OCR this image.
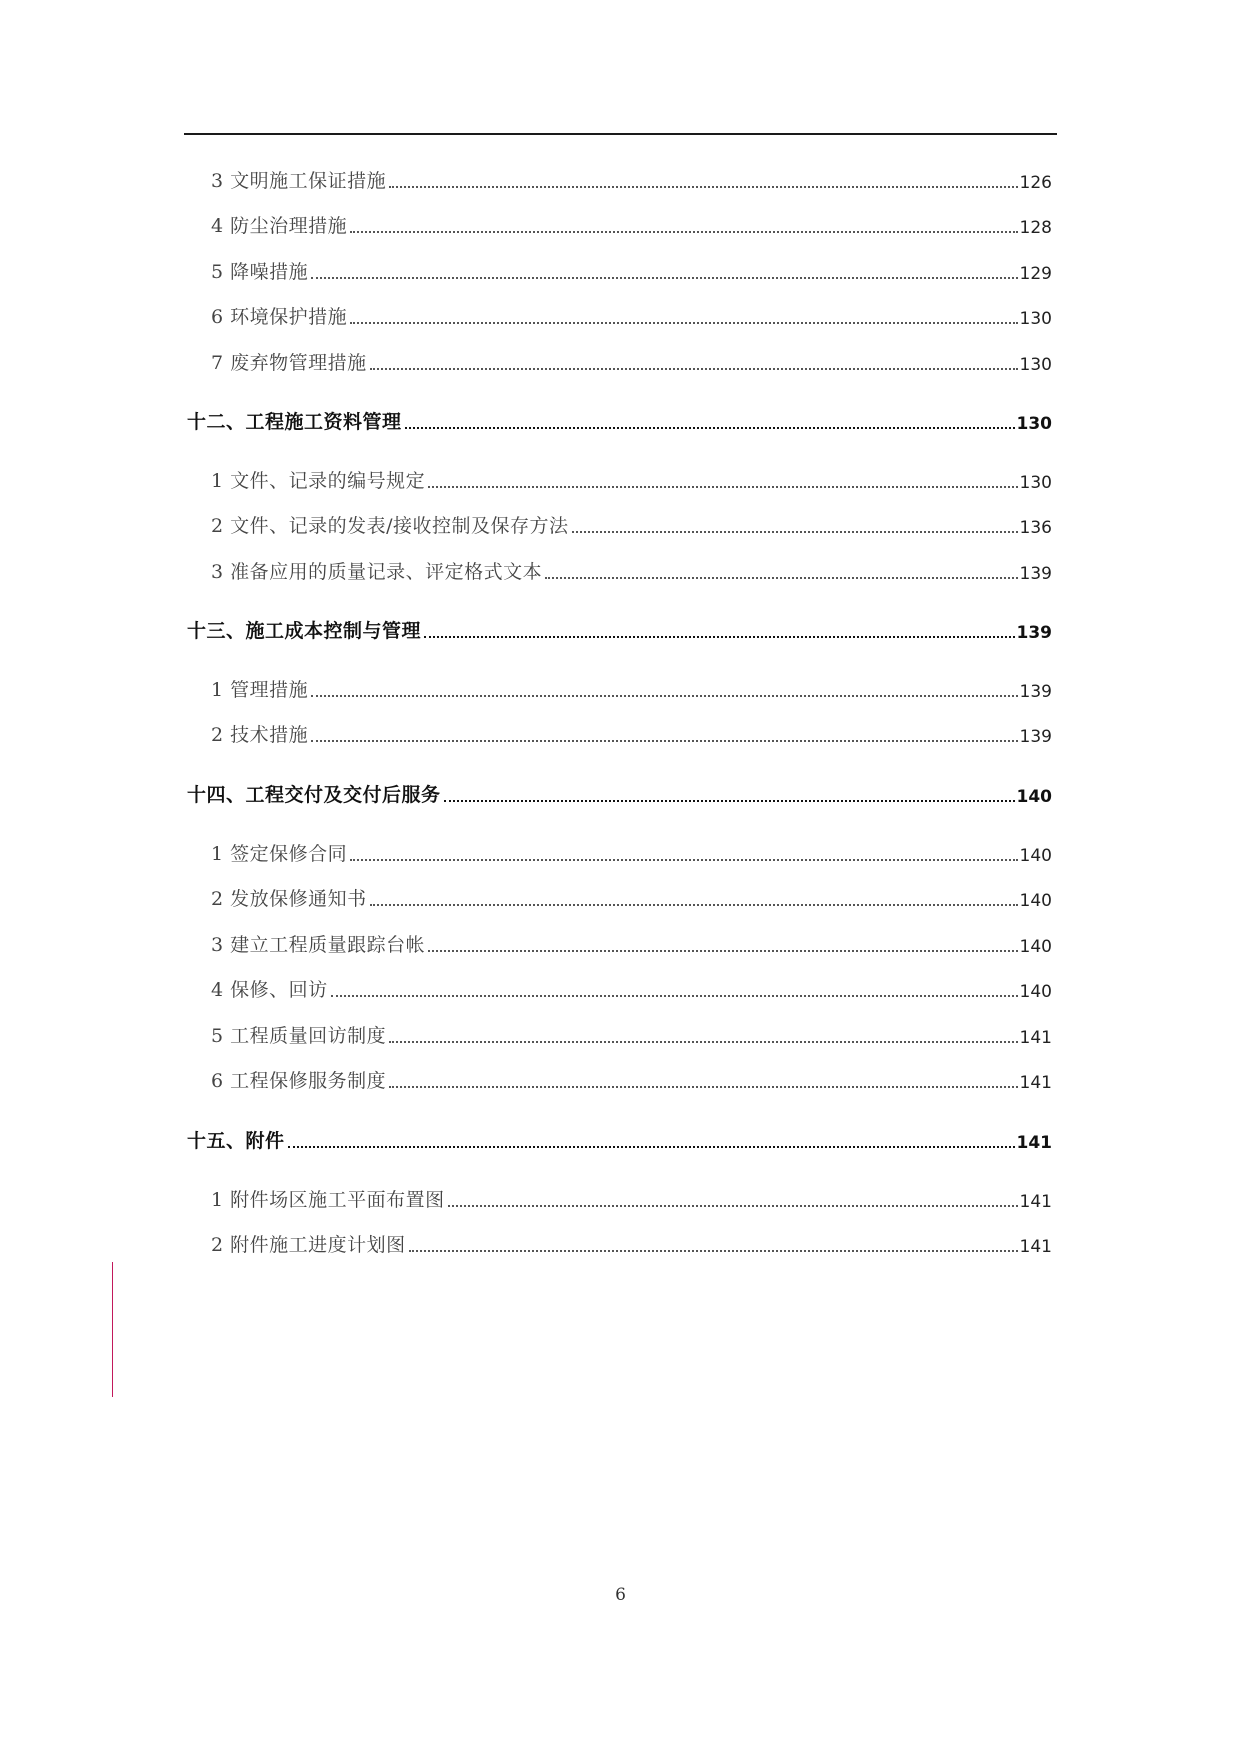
3 文明施工保证措施	126
4 防尘治理措施	128
5 降噪措施	129
6 环境保护措施	130
7 废弃物管理措施	130
十二、工程施工资料管理	130
1 文件、记录的编号规定	130
2 文件、记录的发表/接收控制及保存方法	136
3 准备应用的质量记录、评定格式文本	139
十三、施工成本控制与管理	139
1 管理措施	139
2 技术措施	139
十四、工程交付及交付后服务	140
1 签定保修合同	140
2 发放保修通知书	140
3 建立工程质量跟踪台帐	140
4 保修、回访	140
5 工程质量回访制度	141
6 工程保修服务制度	141
十五、附件	141
1 附件场区施工平面布置图	141
2 附件施工进度计划图	141
6
